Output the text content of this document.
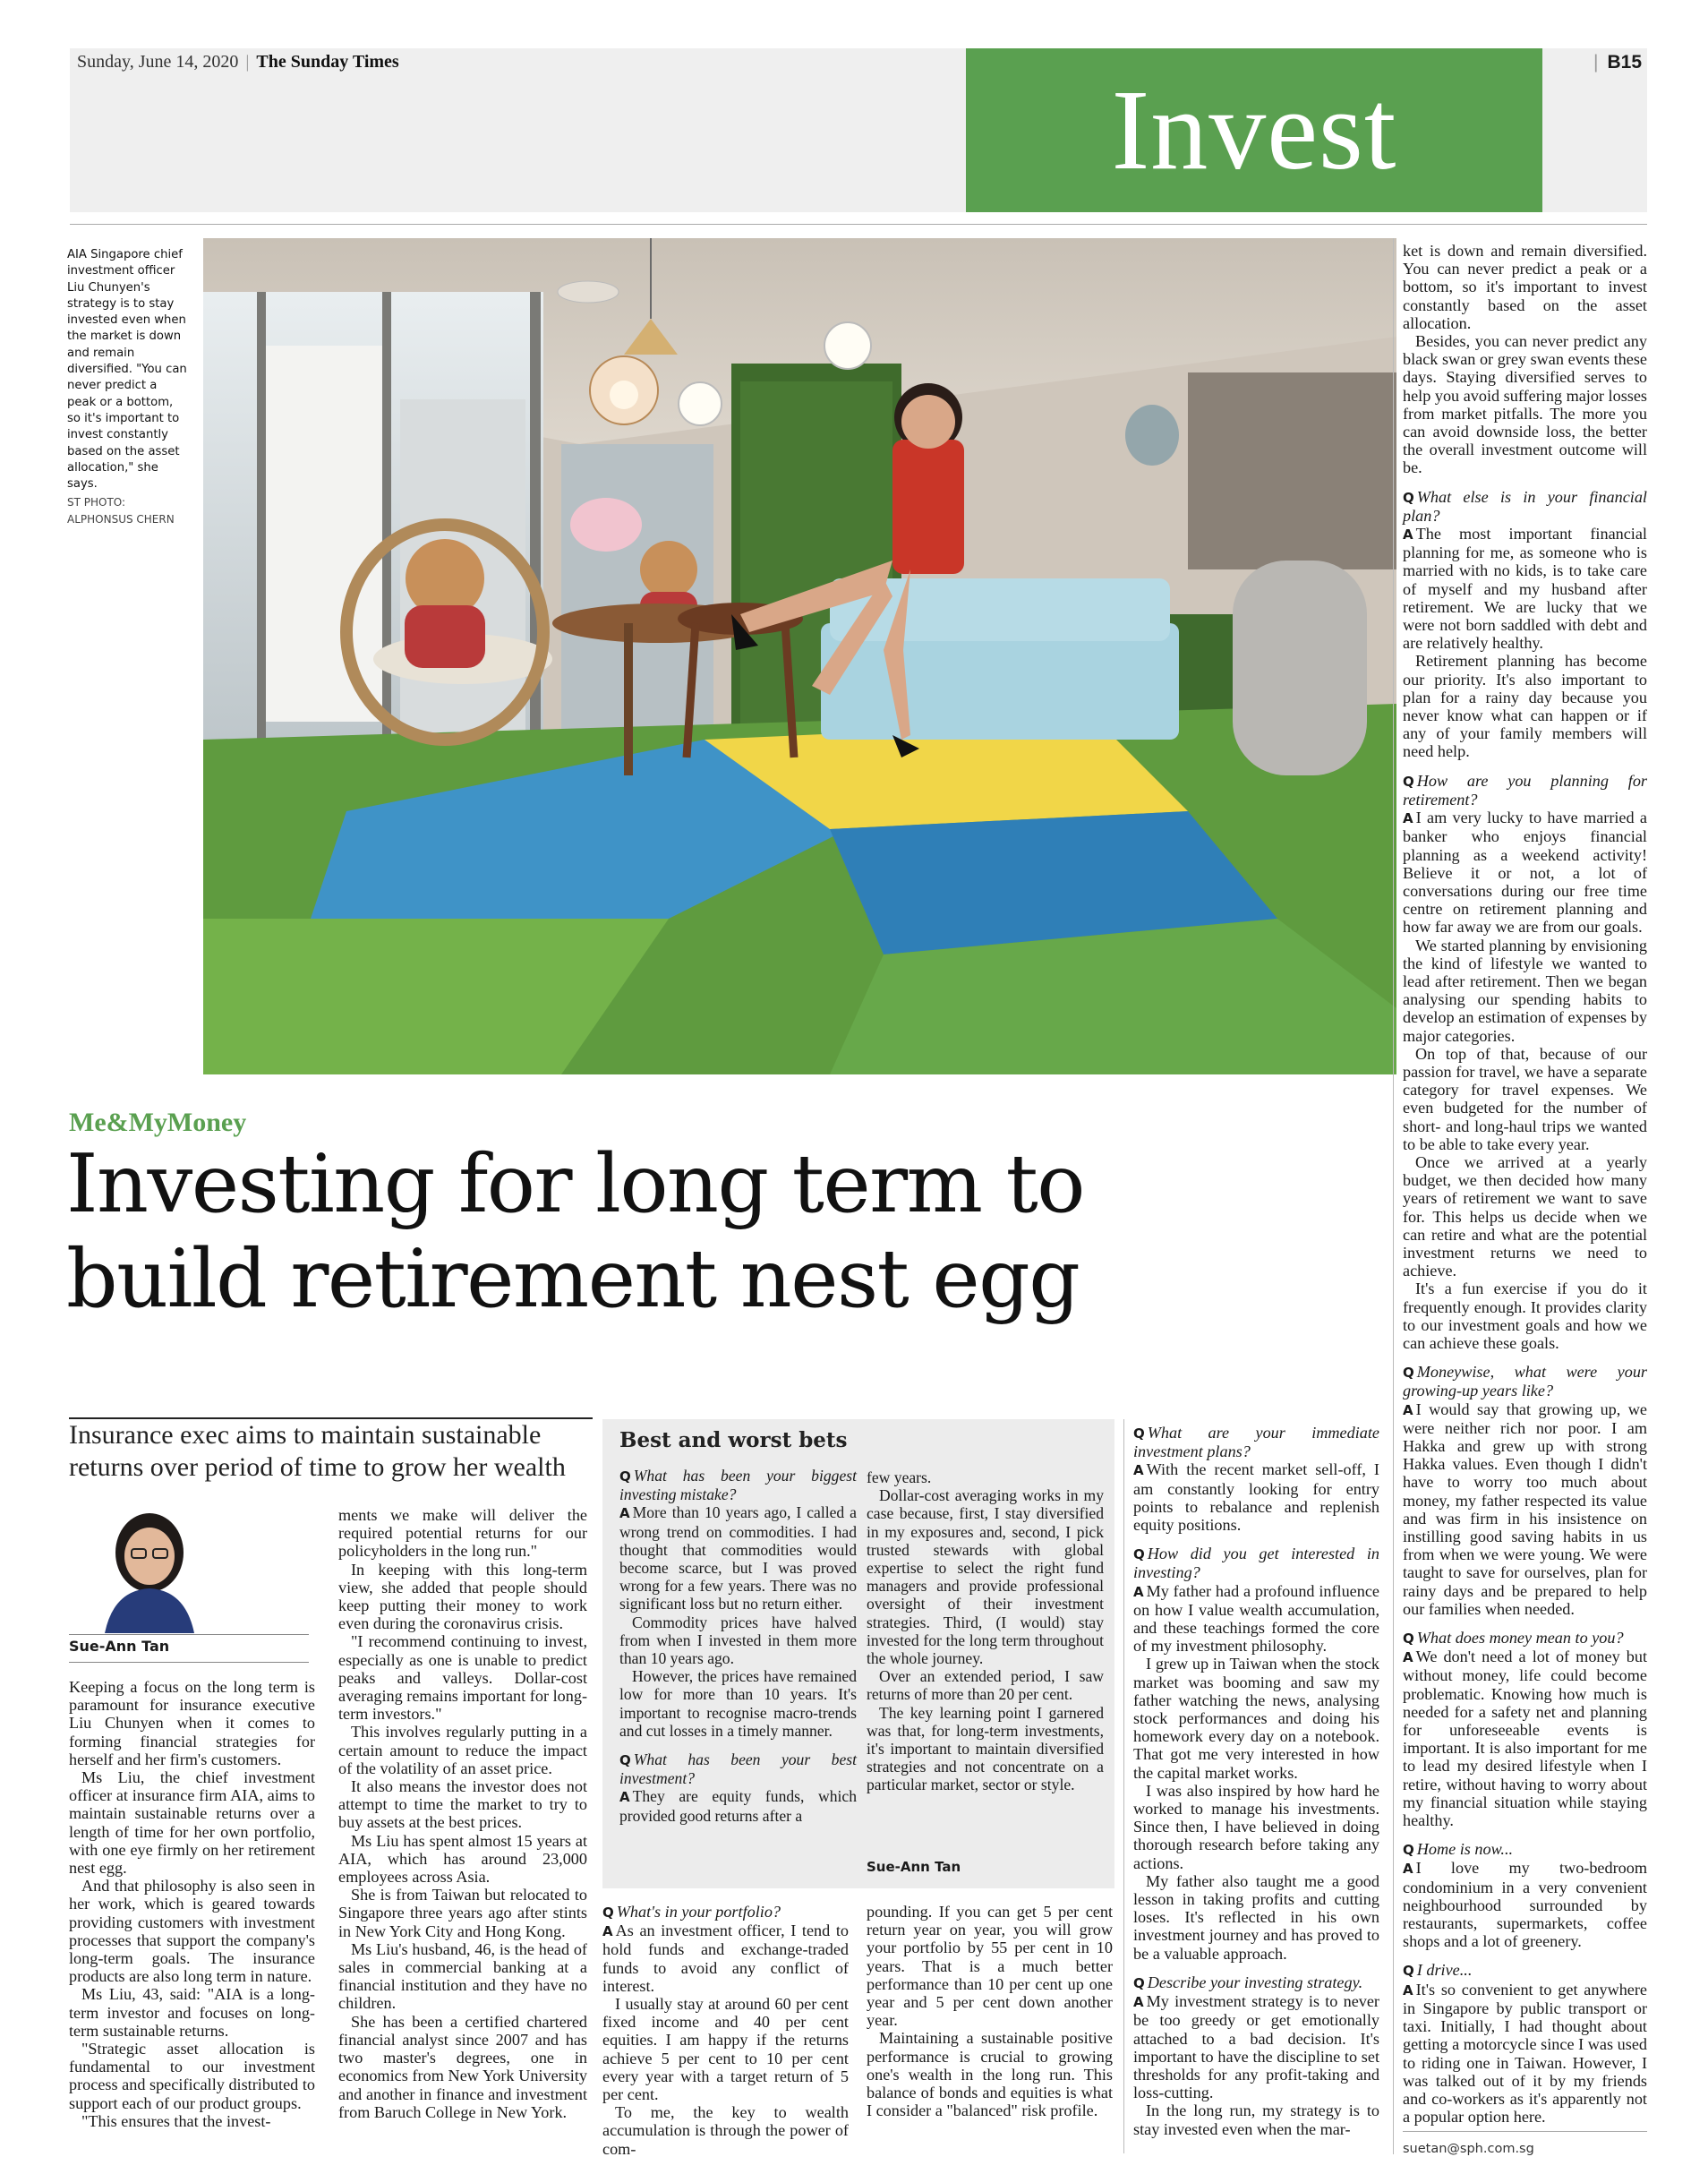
Sunday, June 14, 2020 | The Sunday Times
Invest
| B15
AIA Singapore chief investment officer Liu Chunyen's strategy is to stay invested even when the market is down and remain diversified. "You can never predict a peak or a bottom, so it's important to invest constantly based on the asset allocation," she says.
ST PHOTO: ALPHONSUS CHERN
Me&MyMoney
Investing for long term to
build retirement nest egg
Insurance exec aims to maintain sustainable returns over period of time to grow her wealth
Sue-Ann Tan

Keeping a focus on the long term is paramount for insurance executive Liu Chunyen when it comes to forming financial strategies for herself and her firm's customers.

Ms Liu, the chief investment officer at insurance firm AIA, aims to maintain sustainable returns over a length of time for her own portfolio, with one eye firmly on her retirement nest egg.

And that philosophy is also seen in her work, which is geared towards providing customers with investment processes that support the company's long-term goals. The insurance products are also long term in nature.

Ms Liu, 43, said: "AIA is a long-term investor and focuses on long-term sustainable returns.

"Strategic asset allocation is fundamental to our investment process and specifically distributed to support each of our product groups.

"This ensures that the invest-

ments we make will deliver the required potential returns for our policyholders in the long run."

In keeping with this long-term view, she added that people should keep putting their money to work even during the coronavirus crisis.

"I recommend continuing to invest, especially as one is unable to predict peaks and valleys. Dollar-cost averaging remains important for long-term investors."

This involves regularly putting in a certain amount to reduce the impact of the volatility of an asset price.

It also means the investor does not attempt to time the market to try to buy assets at the best prices.

Ms Liu has spent almost 15 years at AIA, which has around 23,000 employees across Asia.

She is from Taiwan but relocated to Singapore three years ago after stints in New York City and Hong Kong.

Ms Liu's husband, 46, is the head of sales in commercial banking at a financial institution and they have no children.

She has been a certified chartered financial analyst since 2007 and has two master's degrees, one in economics from New York University and another in finance and investment from Baruch College in New York.

Best and worst bets

Q What has been your biggest investing mistake?

A More than 10 years ago, I called a wrong trend on commodities. I had thought that commodities would become scarce, but I was proved wrong for a few years. There was no significant loss but no return either.

Commodity prices have halved from when I invested in them more than 10 years ago.

However, the prices have remained low for more than 10 years. It's important to recognise macro-trends and cut losses in a timely manner.

Q What has been your best investment?

A They are equity funds, which provided good returns after a

few years.

Dollar-cost averaging works in my case because, first, I stay diversified in my exposures and, second, I pick trusted stewards with global expertise to select the right fund managers and provide professional oversight of their investment strategies. Third, (I would) stay invested for the long term throughout the whole journey.

Over an extended period, I saw returns of more than 20 per cent.

The key learning point I garnered was that, for long-term investments, it's important to maintain diversified strategies and not concentrate on a particular market, sector or style.

Sue-Ann Tan

Q What's in your portfolio?

A As an investment officer, I tend to hold funds and exchange-traded funds to avoid any conflict of interest.

I usually stay at around 60 per cent fixed income and 40 per cent equities. I am happy if the returns achieve 5 per cent to 10 per cent every year with a target return of 5 per cent.

To me, the key to wealth accumulation is through the power of com-

pounding. If you can get 5 per cent return year on year, you will grow your portfolio by 55 per cent in 10 years. That is a much better performance than 10 per cent up one year and 5 per cent down another year.

Maintaining a sustainable positive performance is crucial to growing one's wealth in the long run. This balance of bonds and equities is what I consider a "balanced" risk profile.

Q What are your immediate investment plans?

A With the recent market sell-off, I am constantly looking for entry points to rebalance and replenish equity positions.

Q How did you get interested in investing?

A My father had a profound influence on how I value wealth accumulation, and these teachings formed the core of my investment philosophy.

I grew up in Taiwan when the stock market was booming and saw my father watching the news, analysing stock performances and doing his homework every day on a notebook. That got me very interested in how the capital market works.

I was also inspired by how hard he worked to manage his investments. Since then, I have believed in doing thorough research before taking any actions.

My father also taught me a good lesson in taking profits and cutting loses. It's reflected in his own investment journey and has proved to be a valuable approach.

Q Describe your investing strategy.

A My investment strategy is to never be too greedy or get emotionally attached to a bad decision. It's important to have the discipline to set thresholds for any profit-taking and loss-cutting.

In the long run, my strategy is to stay invested even when the mar-

ket is down and remain diversified. You can never predict a peak or a bottom, so it's important to invest constantly based on the asset allocation.

Besides, you can never predict any black swan or grey swan events these days. Staying diversified serves to help you avoid suffering major losses from market pitfalls. The more you can avoid downside loss, the better the overall investment outcome will be.

Q What else is in your financial plan?

A The most important financial planning for me, as someone who is married with no kids, is to take care of myself and my husband after retirement. We are lucky that we were not born saddled with debt and are relatively healthy.

Retirement planning has become our priority. It's also important to plan for a rainy day because you never know what can happen or if any of your family members will need help.

Q How are you planning for retirement?

A I am very lucky to have married a banker who enjoys financial planning as a weekend activity! Believe it or not, a lot of conversations during our free time centre on retirement planning and how far away we are from our goals.

We started planning by envisioning the kind of lifestyle we wanted to lead after retirement. Then we began analysing our spending habits to develop an estimation of expenses by major categories.

On top of that, because of our passion for travel, we have a separate category for travel expenses. We even budgeted for the number of short- and long-haul trips we wanted to be able to take every year.

Once we arrived at a yearly budget, we then decided how many years of retirement we want to save for. This helps us decide when we can retire and what are the potential investment returns we need to achieve.

It's a fun exercise if you do it frequently enough. It provides clarity to our investment goals and how we can achieve these goals.

Q Moneywise, what were your growing-up years like?

A I would say that growing up, we were neither rich nor poor. I am Hakka and grew up with strong Hakka values. Even though I didn't have to worry too much about money, my father respected its value and was firm in his insistence on instilling good saving habits in us from when we were young. We were taught to save for ourselves, plan for rainy days and be prepared to help our families when needed.

Q What does money mean to you?

A We don't need a lot of money but without money, life could become problematic. Knowing how much is needed for a safety net and planning for unforeseeable events is important. It is also important for me to lead my desired lifestyle when I retire, without having to worry about my financial situation while staying healthy.

Q Home is now...

A I love my two-bedroom condominium in a very convenient neighbourhood surrounded by restaurants, supermarkets, coffee shops and a lot of greenery.

Q I drive...

A It's so convenient to get anywhere in Singapore by public transport or taxi. Initially, I had thought about getting a motorcycle since I was used to riding one in Taiwan. However, I was talked out of it by my friends and co-workers as it's apparently not a popular option here.

suetan@sph.com.sg
